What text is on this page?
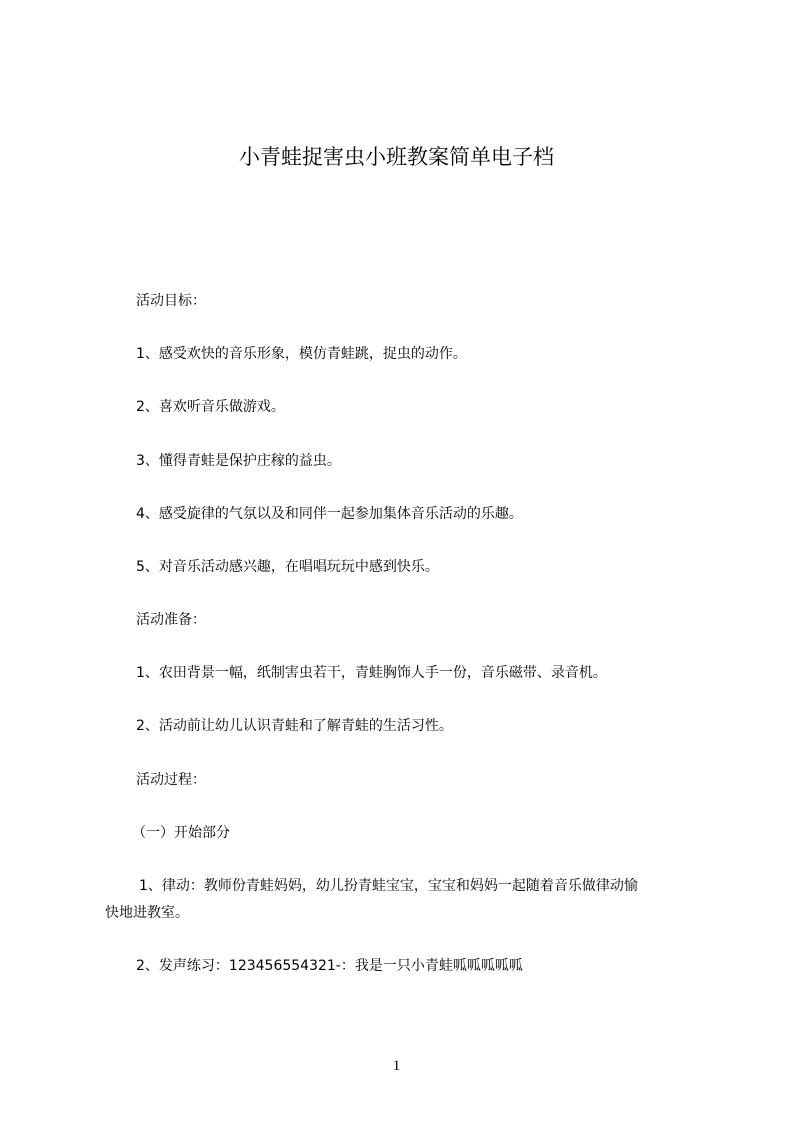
小青蛙捉害虫小班教案简单电子档
活动目标：
1、感受欢快的音乐形象，模仿青蛙跳，捉虫的动作。
2、喜欢听音乐做游戏。
3、懂得青蛙是保护庄稼的益虫。
4、感受旋律的气氛以及和同伴一起参加集体音乐活动的乐趣。
5、对音乐活动感兴趣，在唱唱玩玩中感到快乐。
活动准备：
1、农田背景一幅，纸制害虫若干，青蛙胸饰人手一份，音乐磁带、录音机。
2、活动前让幼儿认识青蛙和了解青蛙的生活习性。
活动过程：
（一）开始部分
1、律动：教师份青蛙妈妈，幼儿扮青蛙宝宝，宝宝和妈妈一起随着音乐做律动愉
快地进教室。
2、发声练习：123456554321-：我是一只小青蛙呱呱呱呱呱
1
